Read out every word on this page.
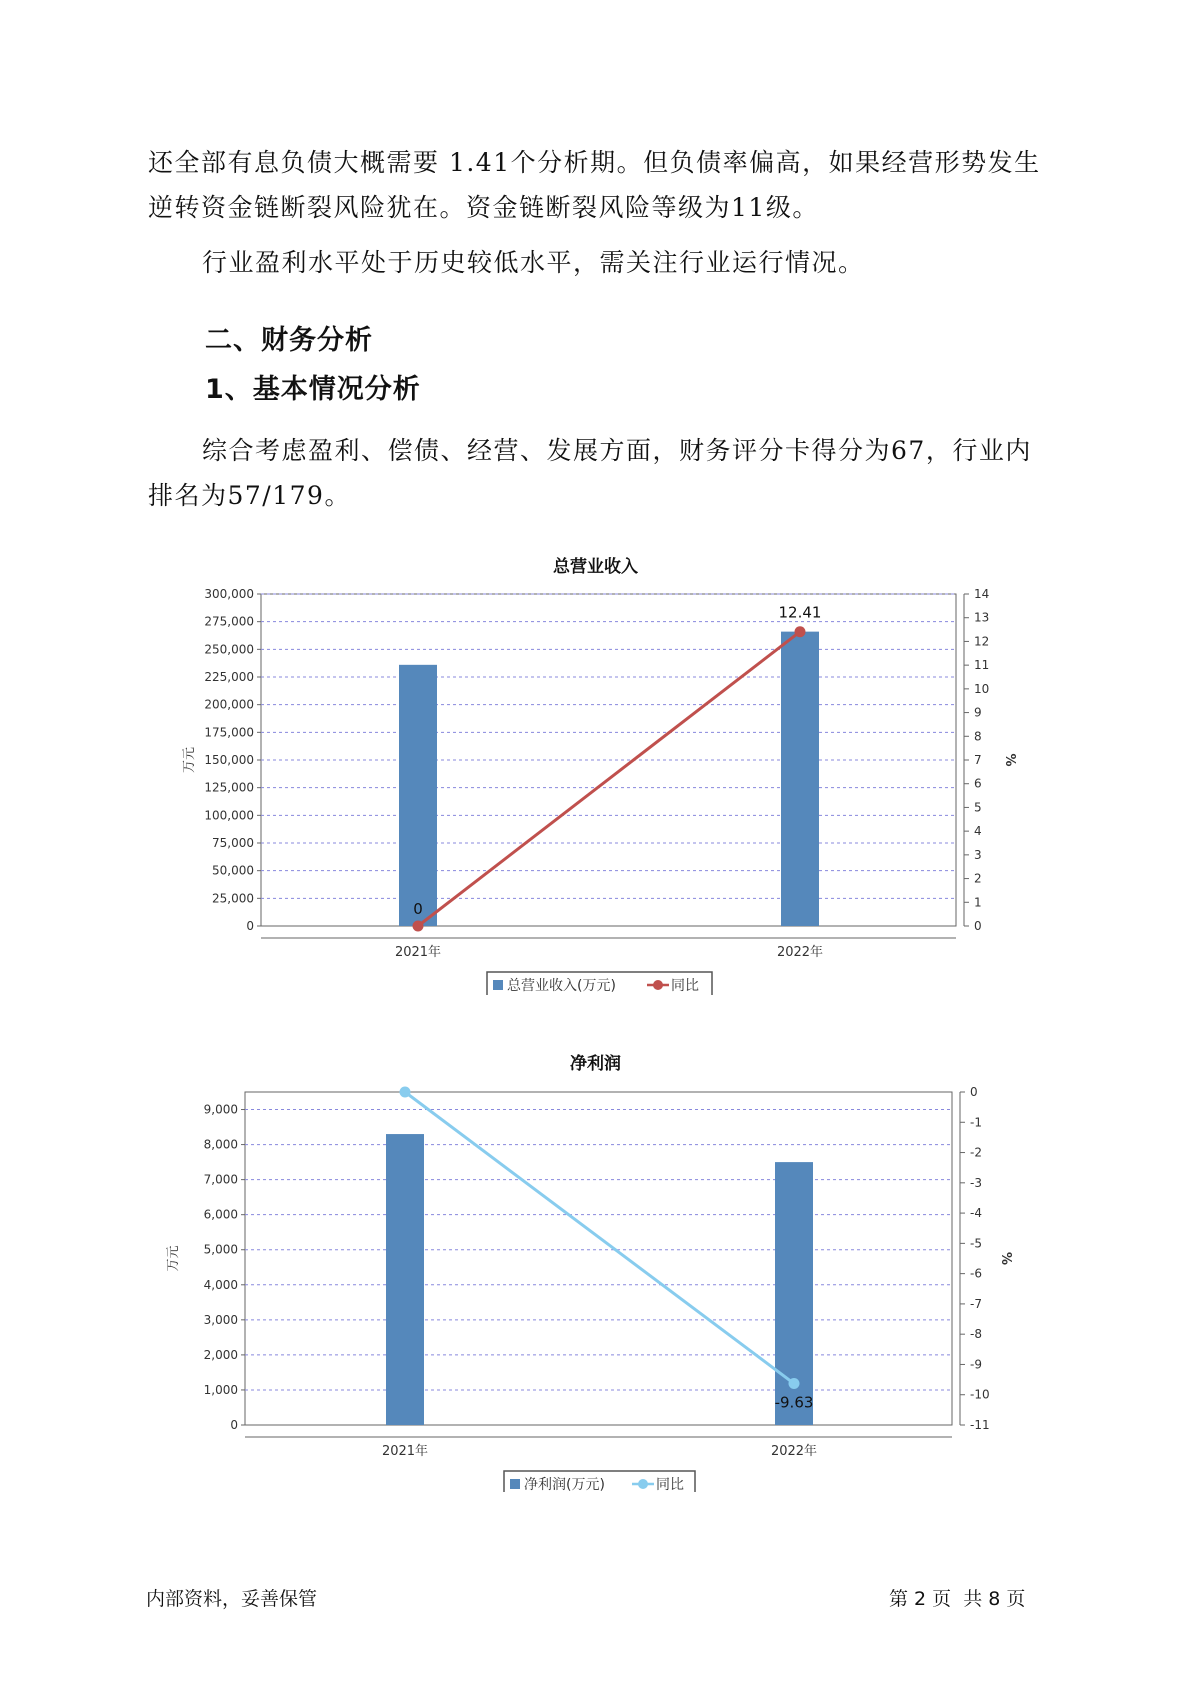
还全部有息负债大概需要 1.41个分析期。但负债率偏高，如果经营形势发生逆转资金链断裂风险犹在。资金链断裂风险等级为11级。
行业盈利水平处于历史较低水平，需关注行业运行情况。
二、财务分析
1、基本情况分析
综合考虑盈利、偿债、经营、发展方面，财务评分卡得分为67，行业内排名为57/179。
总营业收入
0
25,000
50,000
75,000
100,000
125,000
150,000
175,000
200,000
225,000
250,000
275,000
300,000
0
1
2
3
4
5
6
7
8
9
10
11
12
13
14
2021年	2022年
万元	%
0
12.41
总营业收入(万元)	同比
净利润
0
1,000
2,000
3,000
4,000
5,000
6,000
7,000
8,000
9,000
0
-1
-2
-3
-4
-5
-6
-7
-8
-9
-10
-11
2021年	2022年
万元	%
-9.63
净利润(万元)	同比
内部资料，妥善保管	第 2 页  共 8 页
